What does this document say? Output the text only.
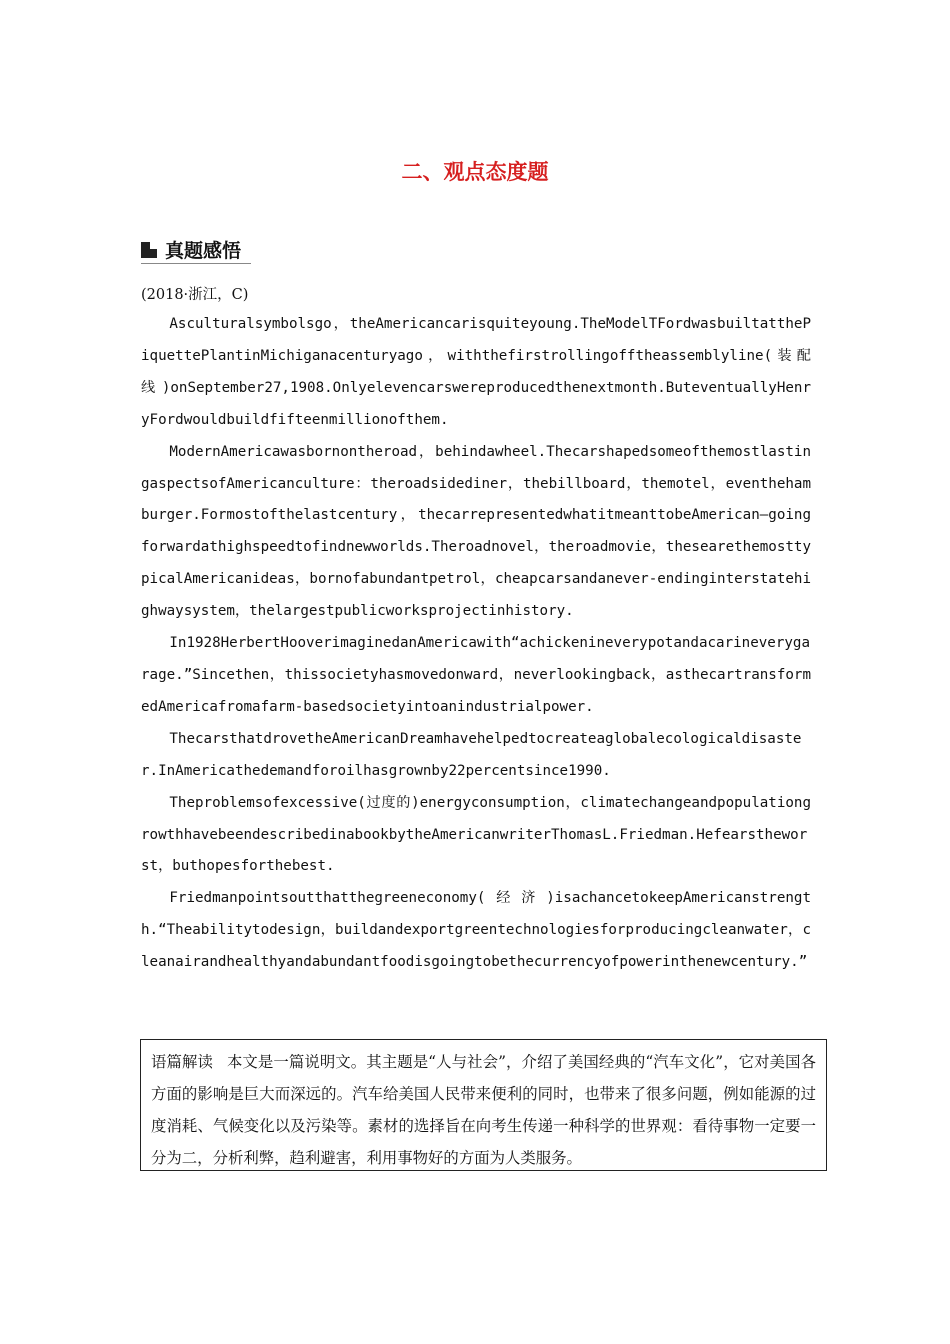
二、观点态度题
真题感悟
(2018·浙江，C)

Asculturalsymbolsgo，theAmericancarisquiteyoung.TheModelTFordwasbuiltatthePiquettePlantinMichiganacenturyago，withthefirstrollingofftheassemblyline(装配线)onSeptember27,1908.Onlyelevencarswereproducedthenextmonth.ButeventuallyHenryFordwouldbuildfifteenmillionofthem.

ModernAmericawasbornontheroad，behindawheel.ThecarshapedsomeofthemostlastingaspectsofAmericanculture：theroadsidediner，thebillboard，themotel，eventhehamburger.Formostofthelastcentury，thecarrepresentedwhatitmeanttobeAmerican—goingforwardathighspeedtofindnewworlds.Theroadnovel，theroadmovie，thesearethemosttypicalAmericanideas，bornofabundantpetrol，cheapcarsandanever-endinginterstatehighwaysystem，thelargestpublicworksprojectinhistory.

In1928HerbertHooverimaginedanAmericawith“achickenineverypotandacarineverygarage.”Sincethen，thissocietyhasmovedonward，neverlookingback，asthecartransformedAmericafromafarm-basedsocietyintoanindustrialpower.

ThecarsthatdrovetheAmericanDreamhavehelpedtocreateaglobalecologicaldisaster.InAmericathedemandforoilhasgrownby22percentsince1990.

Theproblemsofexcessive(过度的)energyconsumption，climatechangeandpopulationgrowthhavebeendescribedinabookbytheAmericanwriterThomasL.Friedman.Hefearstheworst，buthopesforthebest.

Friedmanpointsoutthatthegreeneconomy(经济)isachancetokeepAmericanstrength.“Theabilitytodesign，buildandexportgreentechnologiesforproducingcleanwater，cleanairandhealthyandabundantfoodisgoingtobethecurrencyofpowerinthenewcentury.”

语篇解读 本文是一篇说明文。其主题是“人与社会”，介绍了美国经典的“汽车文化”，它对美国各方面的影响是巨大而深远的。汽车给美国人民带来便利的同时，也带来了很多问题，例如能源的过度消耗、气候变化以及污染等。素材的选择旨在向考生传递一种科学的世界观：看待事物一定要一分为二，分析利弊，趋利避害，利用事物好的方面为人类服务。
